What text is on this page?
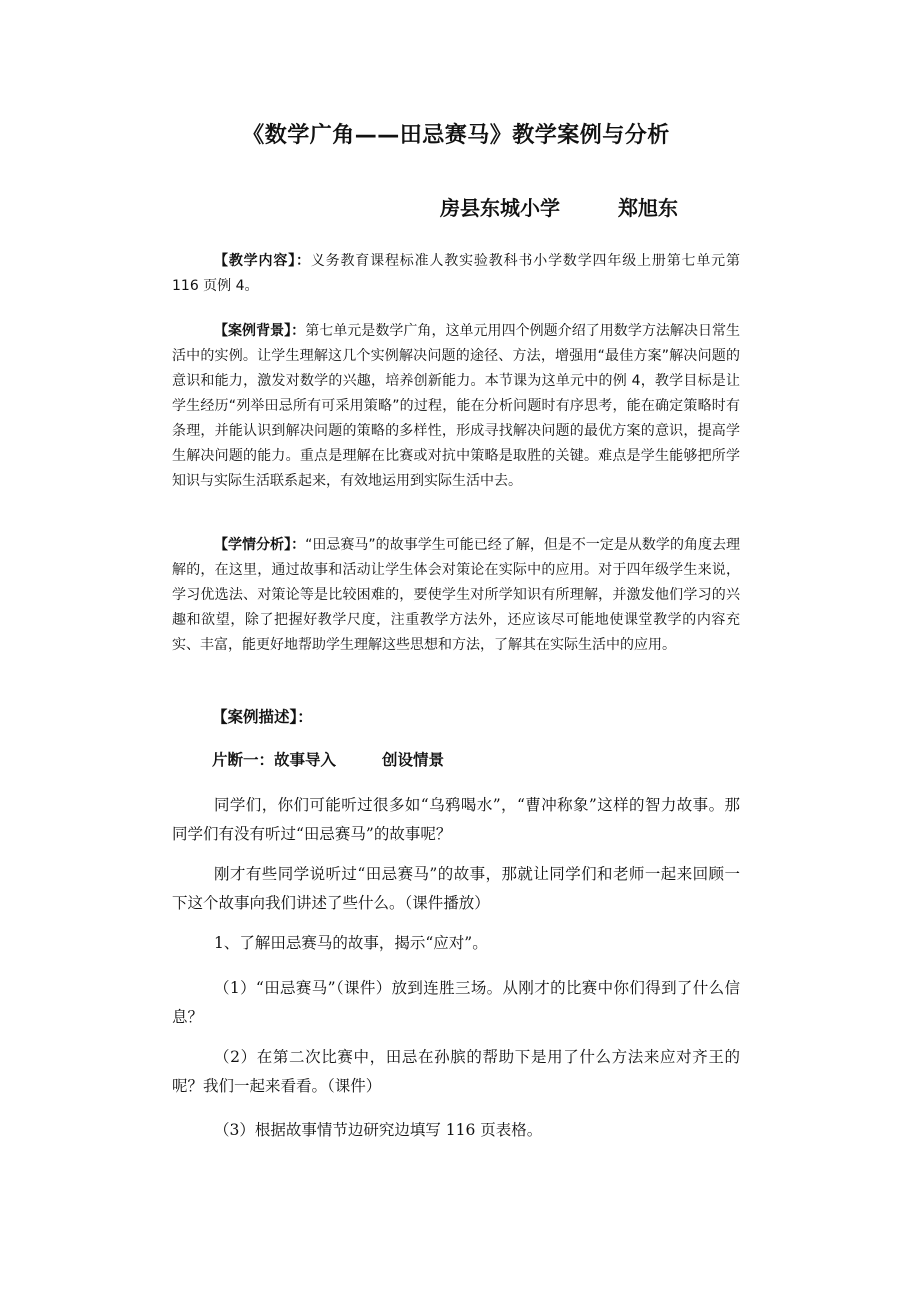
《数学广角——田忌赛马》教学案例与分析
房县东城小学	郑旭东

【教学内容】：义务教育课程标准人教实验教科书小学数学四年级上册第七单元第 116 页例 4。

【案例背景】：第七单元是数学广角，这单元用四个例题介绍了用数学方法解决日常生活中的实例。让学生理解这几个实例解决问题的途径、方法，增强用“最佳方案”解决问题的意识和能力，激发对数学的兴趣，培养创新能力。本节课为这单元中的例 4，教学目标是让学生经历“列举田忌所有可采用策略”的过程，能在分析问题时有序思考，能在确定策略时有条理，并能认识到解决问题的策略的多样性，形成寻找解决问题的最优方案的意识，提高学生解决问题的能力。重点是理解在比赛或对抗中策略是取胜的关键。难点是学生能够把所学知识与实际生活联系起来，有效地运用到实际生活中去。

【学情分析】：“田忌赛马”的故事学生可能已经了解，但是不一定是从数学的角度去理解的，在这里，通过故事和活动让学生体会对策论在实际中的应用。对于四年级学生来说，学习优选法、对策论等是比较困难的，要使学生对所学知识有所理解，并激发他们学习的兴趣和欲望，除了把握好教学尺度，注重教学方法外，还应该尽可能地使课堂教学的内容充实、丰富，能更好地帮助学生理解这些思想和方法，了解其在实际生活中的应用。

【案例描述】：
片断一：故事导入	创设情景

同学们，你们可能听过很多如“乌鸦喝水”，“曹冲称象”这样的智力故事。那同学们有没有听过“田忌赛马”的故事呢？

刚才有些同学说听过“田忌赛马”的故事，那就让同学们和老师一起来回顾一下这个故事向我们讲述了些什么。（课件播放）

1、了解田忌赛马的故事，揭示“应对”。

（1）“田忌赛马”（课件）放到连胜三场。从刚才的比赛中你们得到了什么信息？

（2）在第二次比赛中，田忌在孙膑的帮助下是用了什么方法来应对齐王的呢？我们一起来看看。（课件）

（3）根据故事情节边研究边填写 116 页表格。
